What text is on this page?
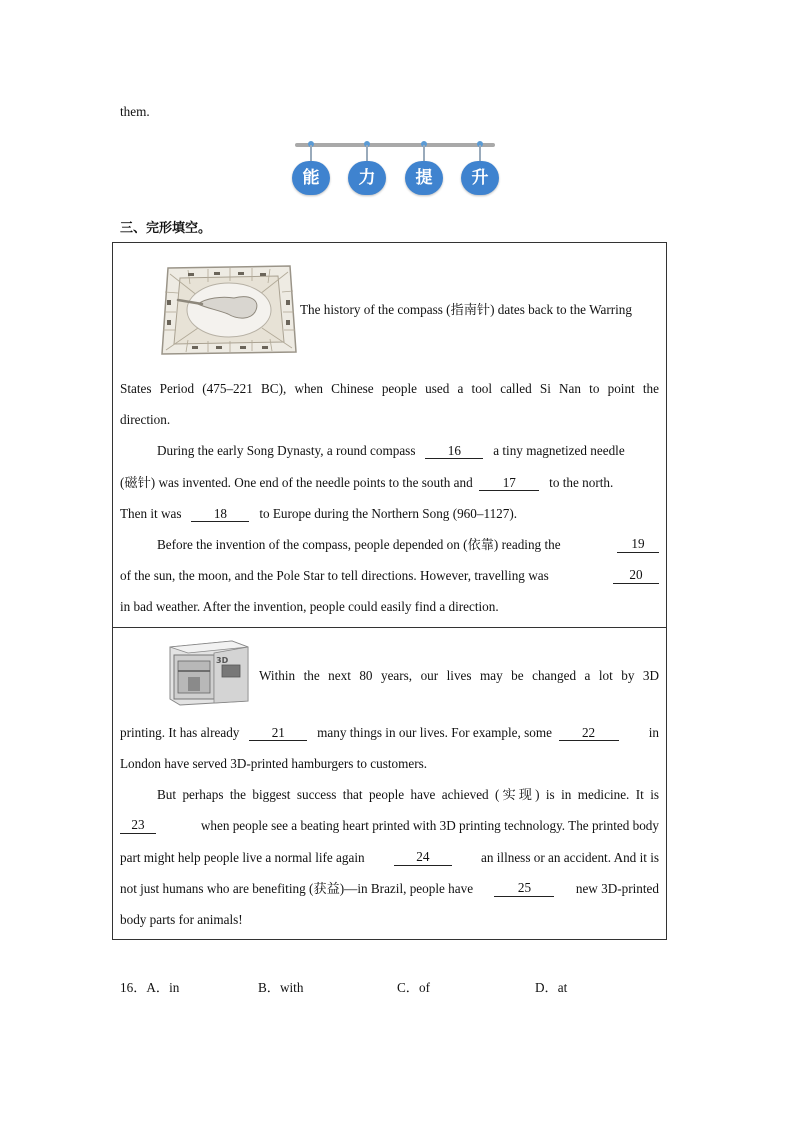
them.
能	力	提	升
三、完形填空。
3D
The history of the compass (指南针) dates back to the Warring
States Period (475–221 BC), when Chinese people used a tool called Si Nan to point the
direction.
During the early Song Dynasty, a round compass 16 a tiny magnetized needle
(磁针) was invented. One end of the needle points to the south and 17	to the north.
Then it was 18 to Europe during the Northern Song (960–1127).
Before the invention of the compass, people depended on (依靠) reading the	19
of the sun, the moon, and the Pole Star to tell directions. However, travelling was	20
in bad weather. After the invention, people could easily find a direction.
Within the next 80 years, our lives may be changed a lot by 3D
printing. It has already 21 many things in our lives. For example, some 22	in
London have served 3D-printed hamburgers to customers.
But perhaps the biggest success that people have achieved (实现) is in medicine. It is
23	when people see a beating heart printed with 3D printing technology. The printed body
part might help people live a normal life again	24	an illness or an accident. And it is
not just humans who are benefiting (获益)—in Brazil, people have	25	new 3D-printed
body parts for animals!
16．A．in	B．with	C．of	D．at
